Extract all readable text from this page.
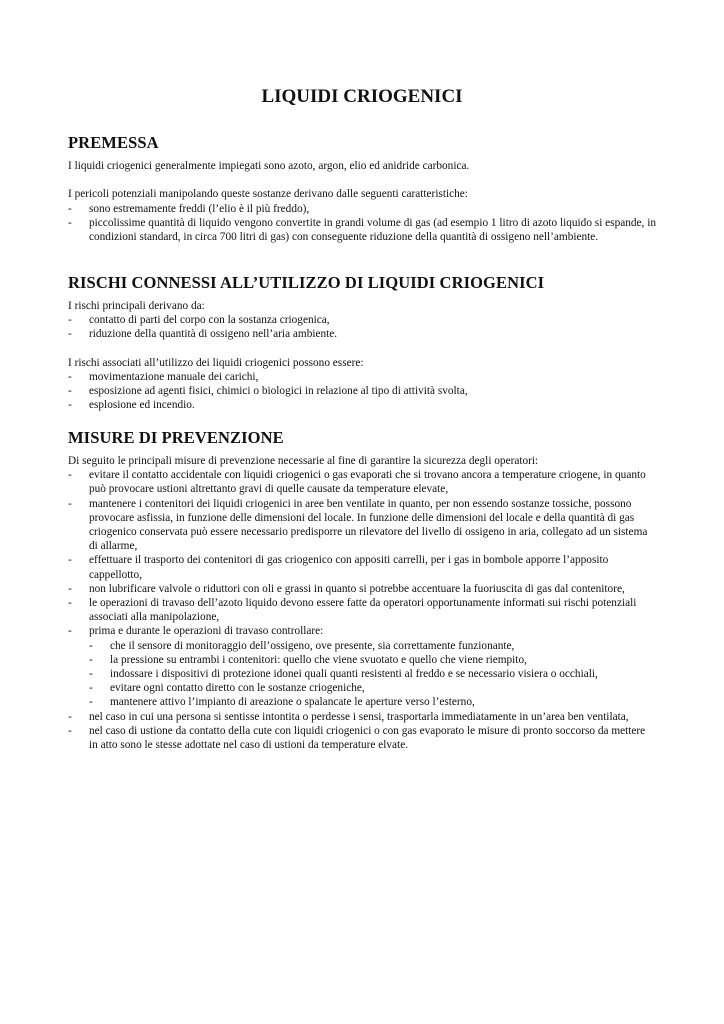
LIQUIDI CRIOGENICI
PREMESSA

I liquidi criogenici generalmente impiegati sono azoto, argon, elio ed anidride carbonica.

I pericoli potenziali manipolando queste sostanze derivano dalle seguenti caratteristiche:

- sono estremamente freddi (l’elio è il più freddo),
- piccolissime quantità di liquido vengono convertite in grandi volume di gas (ad esempio 1 litro di azoto liquido si espande, in condizioni standard, in circa 700 litri di gas) con conseguente riduzione della quantità di ossigeno nell’ambiente.
RISCHI CONNESSI ALL’UTILIZZO DI LIQUIDI CRIOGENICI

I rischi principali derivano da:

- contatto di parti del corpo con la sostanza criogenica,
- riduzione della quantità di ossigeno nell’aria ambiente.

I rischi associati all’utilizzo dei liquidi criogenici possono essere:

- movimentazione manuale dei carichi,
- esposizione ad agenti fisici, chimici o biologici in relazione al tipo di attività svolta,
- esplosione ed incendio.
MISURE DI PREVENZIONE

Di seguito le principali misure di prevenzione necessarie al fine di garantire la sicurezza degli operatori:

- evitare il contatto accidentale con liquidi criogenici o gas evaporati che si trovano ancora a temperature criogene, in quanto può provocare ustioni altrettanto gravi di quelle causate da temperature elevate,
- mantenere i contenitori dei liquidi criogenici in aree ben ventilate in quanto, per non essendo sostanze tossiche, possono provocare asfissia, in funzione delle dimensioni del locale. In funzione delle dimensioni del locale e della quantità di gas criogenico conservata può essere necessario predisporre un rilevatore del livello di ossigeno in aria, collegato ad un sistema di allarme,
- effettuare il trasporto dei contenitori di gas criogenico con appositi carrelli, per i gas in bombole apporre l’apposito cappellotto,
- non lubrificare valvole o riduttori con oli e grassi in quanto si potrebbe accentuare la fuoriuscita di gas dal contenitore,
- le operazioni di travaso dell’azoto liquido devono essere fatte da operatori opportunamente informati sui rischi potenziali associati alla manipolazione,
- prima e durante le operazioni di travaso controllare:
- che il sensore di monitoraggio dell’ossigeno, ove presente, sia correttamente funzionante,
- la pressione su entrambi i contenitori: quello che viene svuotato e quello che viene riempito,
- indossare i dispositivi di protezione idonei quali quanti resistenti al freddo e se necessario visiera o occhiali,
- evitare ogni contatto diretto con le sostanze criogeniche,
- mantenere attivo l’impianto di areazione o spalancate le aperture verso l’esterno,
- nel caso in cui una persona si sentisse intontita o perdesse i sensi, trasportarla immediatamente in un’area ben ventilata,
- nel caso di ustione da contatto della cute con liquidi criogenici o con gas evaporato le misure di pronto soccorso da mettere in atto sono le stesse adottate nel caso di ustioni da temperature elvate.
